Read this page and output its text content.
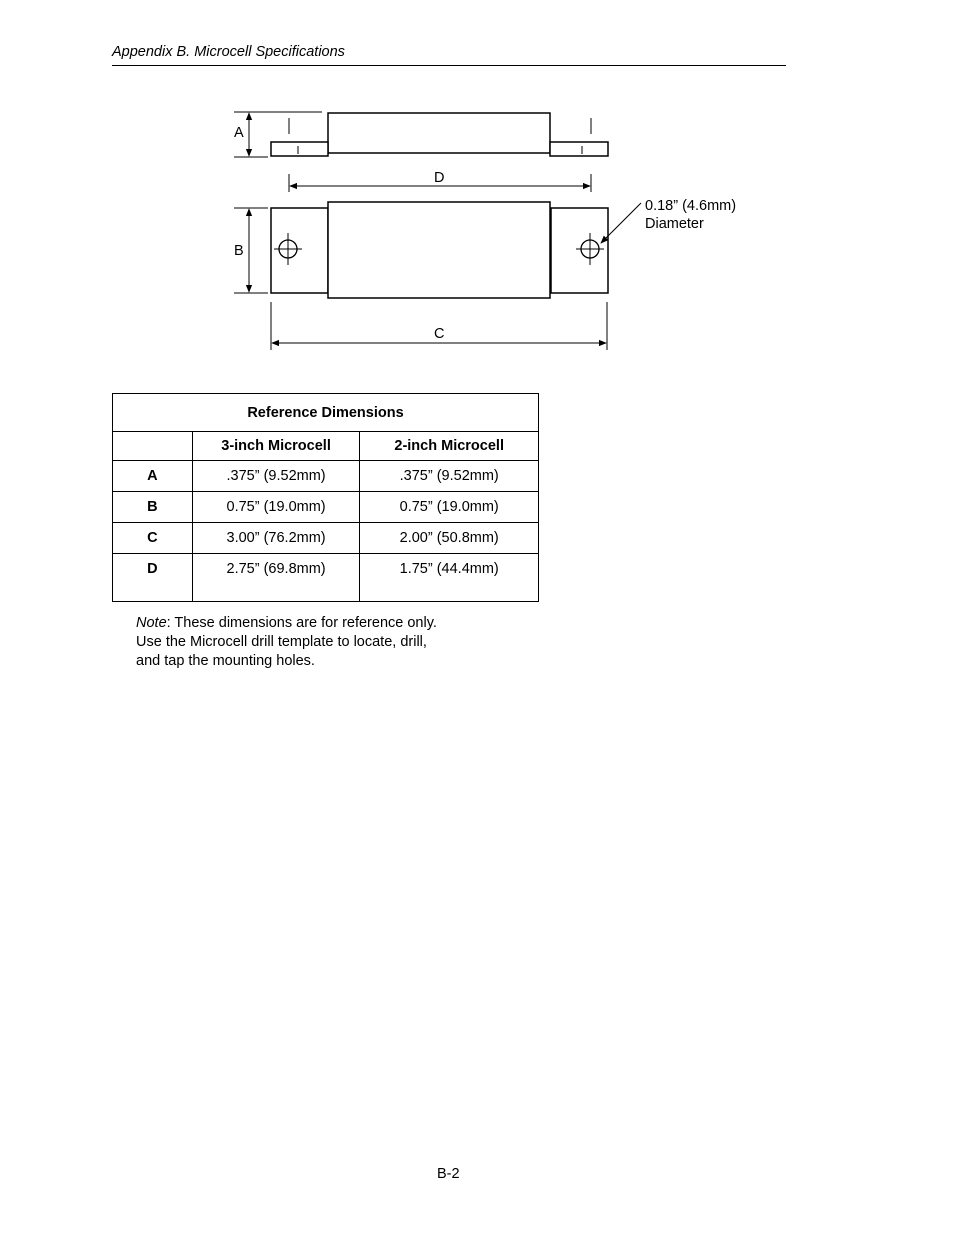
Appendix B. Microcell Specifications
A
D
B
0.18” (4.6mm)
Diameter
C
Reference Dimensions		
	3-inch Microcell	2-inch Microcell
A	.375” (9.52mm)	.375” (9.52mm)
B	0.75” (19.0mm)	0.75” (19.0mm)
C	3.00” (76.2mm)	2.00” (50.8mm)
D	2.75” (69.8mm)	1.75” (44.4mm)
Note: These dimensions are for reference only.
Use the Microcell drill template to locate, drill,
and tap the mounting holes.
B-2
